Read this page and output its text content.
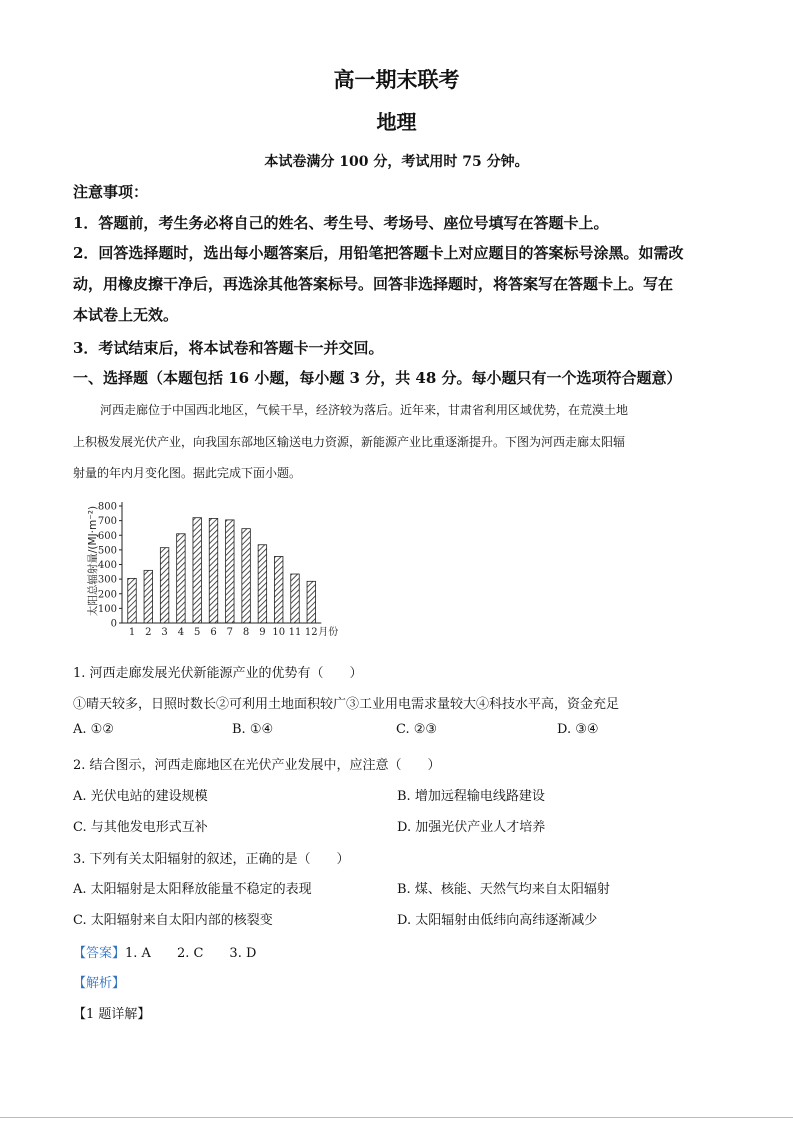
高一期末联考
地理
本试卷满分 100 分，考试用时 75 分钟。
注意事项：
1．答题前，考生务必将自己的姓名、考生号、考场号、座位号填写在答题卡上。
2．回答选择题时，选出每小题答案后，用铅笔把答题卡上对应题目的答案标号涂黑。如需改
动，用橡皮擦干净后，再选涂其他答案标号。回答非选择题时，将答案写在答题卡上。写在
本试卷上无效。
3．考试结束后，将本试卷和答题卡一并交回。
一、选择题（本题包括 16 小题，每小题 3 分，共 48 分。每小题只有一个选项符合题意）
河西走廊位于中国西北地区，气候干旱，经济较为落后。近年来，甘肃省利用区域优势，在荒漠土地
上积极发展光伏产业，向我国东部地区输送电力资源，新能源产业比重逐渐提升。下图为河西走廊太阳辐
射量的年内月变化图。据此完成下面小题。
太阳总辐射量/(MJ·m⁻²)
0
100
200
300
400
500
600
700
800
1 2 3 4 5 6 7 8 9 10 11 12 月份
1. 河西走廊发展光伏新能源产业的优势有（　　）
①晴天较多，日照时数长②可利用土地面积较广③工业用电需求量较大④科技水平高，资金充足
A. ①②	B. ①④	C. ②③	D. ③④
2. 结合图示，河西走廊地区在光伏产业发展中，应注意（　　）
A. 光伏电站的建设规模	B. 增加远程输电线路建设
C. 与其他发电形式互补	D. 加强光伏产业人才培养
3. 下列有关太阳辐射的叙述，正确的是（　　）
A. 太阳辐射是太阳释放能量不稳定的表现	B. 煤、核能、天然气均来自太阳辐射
C. 太阳辐射来自太阳内部的核裂变	D. 太阳辐射由低纬向高纬逐渐减少
【答案】1. A　　2. C　　3. D
【解析】
【1 题详解】
